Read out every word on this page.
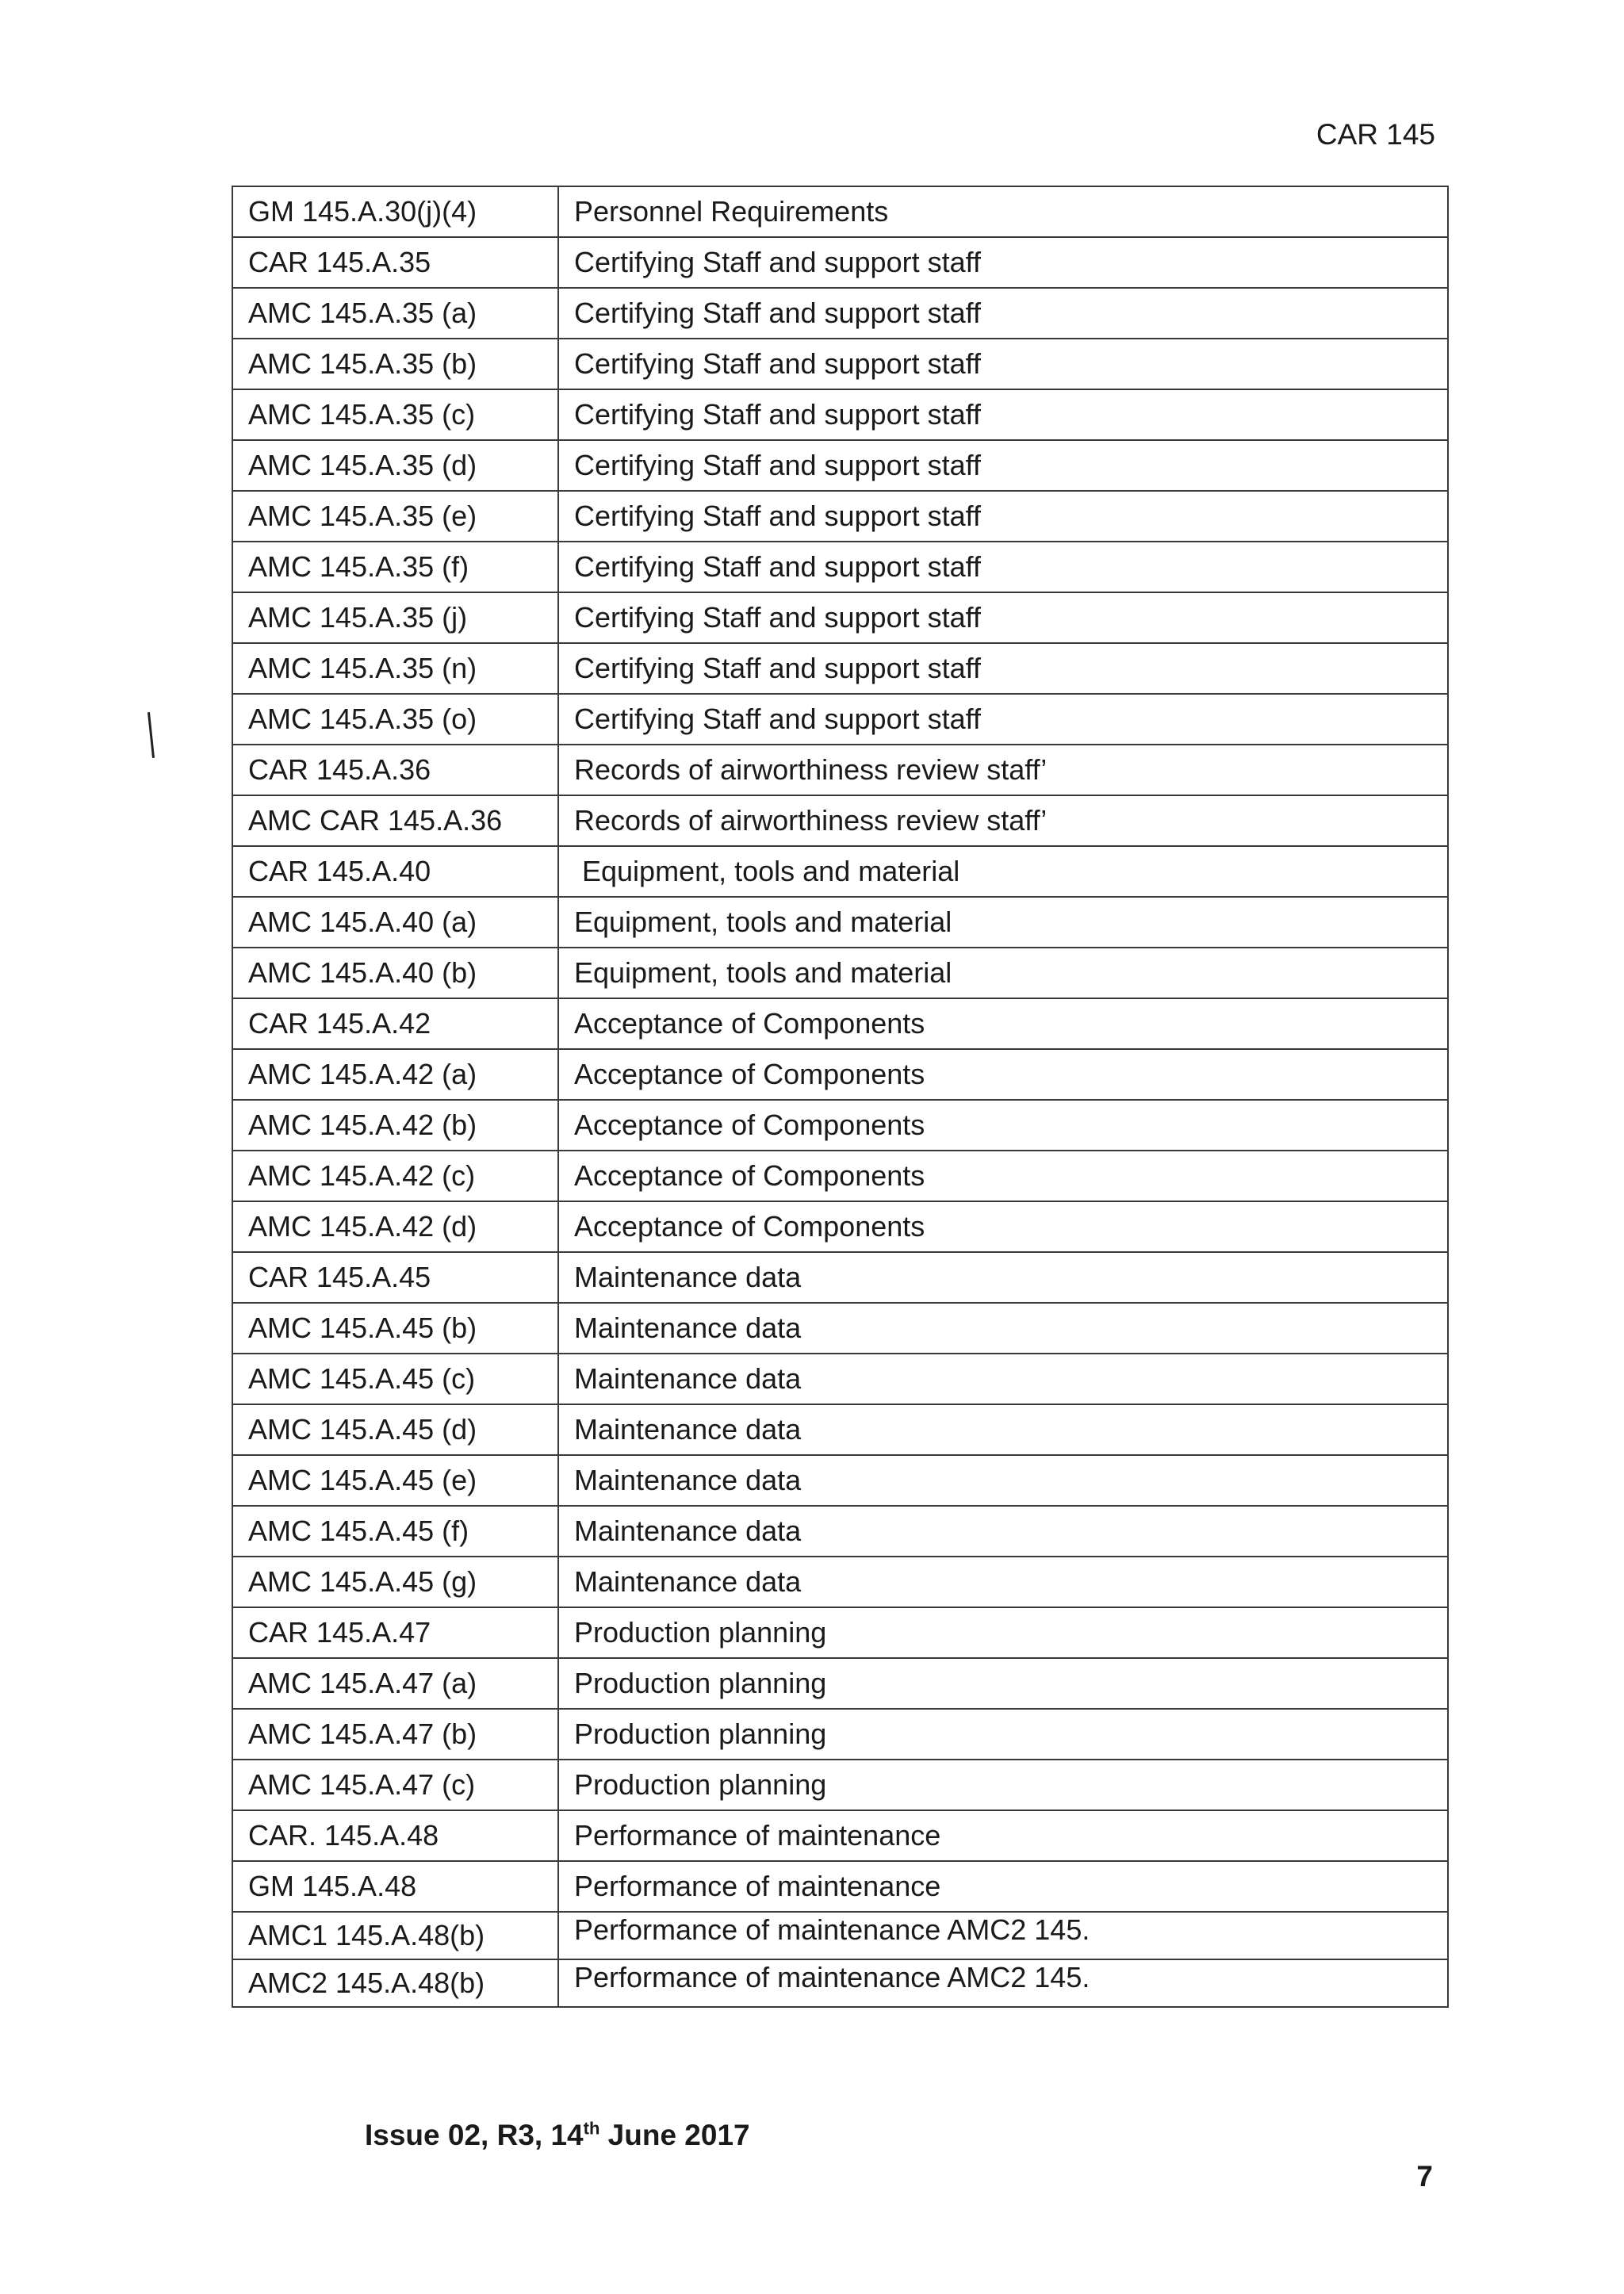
CAR 145
GM 145.A.30(j)(4)	Personnel Requirements
CAR 145.A.35	Certifying Staff and support staff
AMC 145.A.35 (a)	Certifying Staff and support staff
AMC 145.A.35 (b)	Certifying Staff and support staff
AMC 145.A.35 (c)	Certifying Staff and support staff
AMC 145.A.35 (d)	Certifying Staff and support staff
AMC 145.A.35 (e)	Certifying Staff and support staff
AMC 145.A.35 (f)	Certifying Staff and support staff
AMC 145.A.35 (j)	Certifying Staff and support staff
AMC 145.A.35 (n)	Certifying Staff and support staff
AMC 145.A.35 (o)	Certifying Staff and support staff
CAR 145.A.36	Records of airworthiness review staff’
AMC CAR 145.A.36	Records of airworthiness review staff’
CAR 145.A.40	Equipment, tools and material
AMC 145.A.40 (a)	Equipment, tools and material
AMC 145.A.40 (b)	Equipment, tools and material
CAR 145.A.42	Acceptance of Components
AMC 145.A.42 (a)	Acceptance of Components
AMC 145.A.42 (b)	Acceptance of Components
AMC 145.A.42 (c)	Acceptance of Components
AMC 145.A.42 (d)	Acceptance of Components
CAR 145.A.45	Maintenance data
AMC 145.A.45 (b)	Maintenance data
AMC 145.A.45 (c)	Maintenance data
AMC 145.A.45 (d)	Maintenance data
AMC 145.A.45 (e)	Maintenance data
AMC 145.A.45 (f)	Maintenance data
AMC 145.A.45 (g)	Maintenance data
CAR 145.A.47	Production planning
AMC 145.A.47 (a)	Production planning
AMC 145.A.47 (b)	Production planning
AMC 145.A.47 (c)	Production planning
CAR. 145.A.48	Performance of maintenance
GM 145.A.48	Performance of maintenance
AMC1 145.A.48(b)	Performance of maintenance AMC2 145.
AMC2 145.A.48(b)	Performance of maintenance AMC2 145.
Issue 02, R3, 14th June 2017
7
